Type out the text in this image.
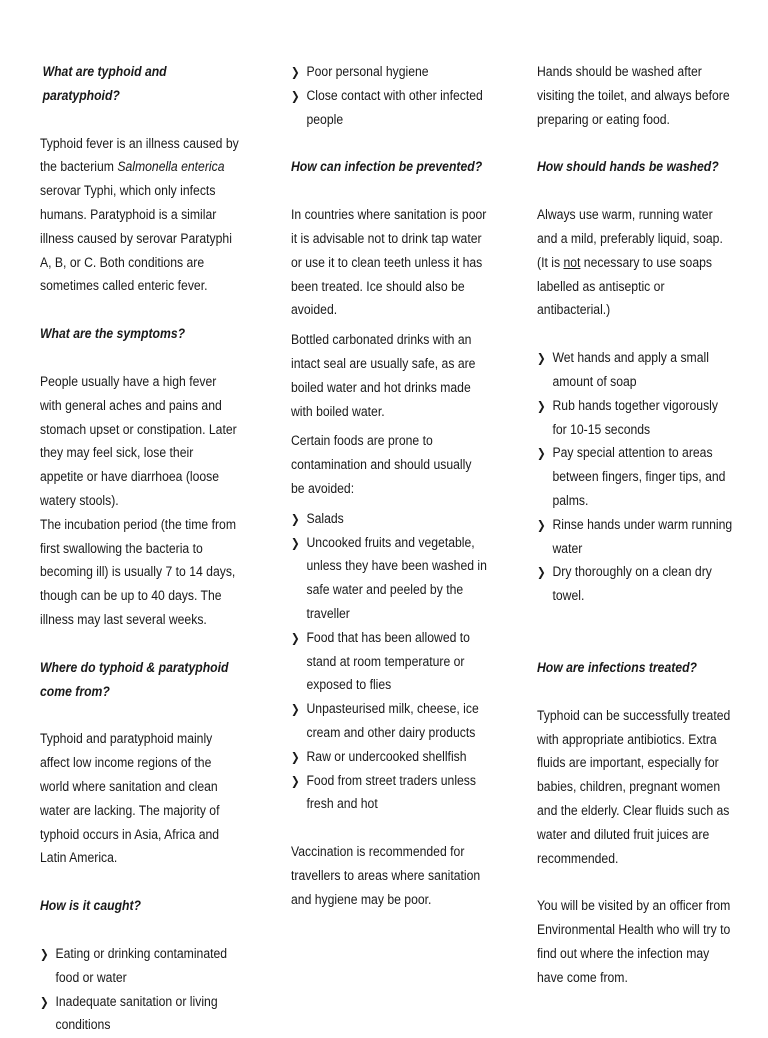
What are typhoid and paratyphoid?

Typhoid fever is an illness caused by the bacterium Salmonella enterica serovar Typhi, which only infects humans. Paratyphoid is a similar illness caused by serovar Paratyphi A, B, or C. Both conditions are sometimes called enteric fever.

What are the symptoms?

People usually have a high fever with general aches and pains and stomach upset or constipation. Later they may feel sick, lose their appetite or have diarrhoea (loose watery stools).

The incubation period (the time from first swallowing the bacteria to becoming ill) is usually 7 to 14 days, though can be up to 40 days. The illness may last several weeks.

Where do typhoid & paratyphoid come from?

Typhoid and paratyphoid mainly affect low income regions of the world where sanitation and clean water are lacking. The majority of typhoid occurs in Asia, Africa and Latin America.

How is it caught?
❯ Eating or drinking contaminated food or water
❯ Inadequate sanitation or living conditions
❯ Poor personal hygiene
❯ Close contact with other infected people
How can infection be prevented?

In countries where sanitation is poor it is advisable not to drink tap water or use it to clean teeth unless it has been treated. Ice should also be avoided.

Bottled carbonated drinks with an intact seal are usually safe, as are boiled water and hot drinks made with boiled water.

Certain foods are prone to contamination and should usually be avoided:

❯ Salads
❯ Uncooked fruits and vegetable, unless they have been washed in safe water and peeled by the traveller
❯ Food that has been allowed to stand at room temperature or exposed to flies
❯ Unpasteurised milk, cheese, ice cream and other dairy products
❯ Raw or undercooked shellfish
❯ Food from street traders unless fresh and hot

Vaccination is recommended for travellers to areas where sanitation and hygiene may be poor.

Hands should be washed after visiting the toilet, and always before preparing or eating food.

How should hands be washed?

Always use warm, running water and a mild, preferably liquid, soap. (It is not necessary to use soaps labelled as antiseptic or antibacterial.)

❯ Wet hands and apply a small amount of soap
❯ Rub hands together vigorously for 10-15 seconds
❯ Pay special attention to areas between fingers, finger tips, and palms.
❯ Rinse hands under warm running water
❯ Dry thoroughly on a clean dry towel.
How are infections treated?

Typhoid can be successfully treated with appropriate antibiotics. Extra fluids are important, especially for babies, children, pregnant women and the elderly. Clear fluids such as water and diluted fruit juices are recommended.

You will be visited by an officer from Environmental Health who will try to find out where the infection may have come from.
